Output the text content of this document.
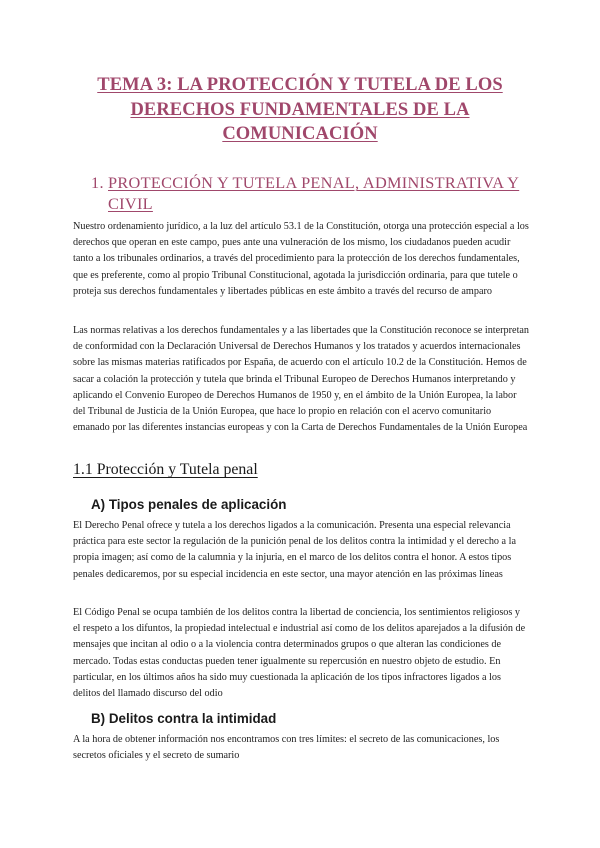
TEMA 3: LA PROTECCIÓN Y TUTELA DE LOS DERECHOS FUNDAMENTALES DE LA COMUNICACIÓN
1. PROTECCIÓN Y TUTELA PENAL, ADMINISTRATIVA Y CIVIL
Nuestro ordenamiento jurídico, a la luz del artículo 53.1 de la Constitución, otorga una protección especial a los derechos que operan en este campo, pues ante una vulneración de los mismo, los ciudadanos pueden acudir tanto a los tribunales ordinarios, a través del procedimiento para la protección de los derechos fundamentales, que es preferente, como al propio Tribunal Constitucional, agotada la jurisdicción ordinaria, para que tutele o proteja sus derechos fundamentales y libertades públicas en este ámbito a través del recurso de amparo
Las normas relativas a los derechos fundamentales y a las libertades que la Constitución reconoce se interpretan de conformidad con la Declaración Universal de Derechos Humanos y los tratados y acuerdos internacionales sobre las mismas materias ratificados por España, de acuerdo con el artículo 10.2 de la Constitución. Hemos de sacar a colación la protección y tutela que brinda el Tribunal Europeo de Derechos Humanos interpretando y aplicando el Convenio Europeo de Derechos Humanos de 1950 y, en el ámbito de la Unión Europea, la labor del Tribunal de Justicia de la Unión Europea, que hace lo propio en relación con el acervo comunitario emanado por las diferentes instancias europeas y con la Carta de Derechos Fundamentales de la Unión Europea
1.1 Protección y Tutela penal
A) Tipos penales de aplicación
El Derecho Penal ofrece y tutela a los derechos ligados a la comunicación. Presenta una especial relevancia práctica para este sector la regulación de la punición penal de los delitos contra la intimidad y el derecho a la propia imagen; así como de la calumnia y la injuria, en el marco de los delitos contra el honor. A estos tipos penales dedicaremos, por su especial incidencia en este sector, una mayor atención en las próximas líneas
El Código Penal se ocupa también de los delitos contra la libertad de conciencia, los sentimientos religiosos y el respeto a los difuntos, la propiedad intelectual e industrial así como de los delitos aparejados a la difusión de mensajes que incitan al odio o a la violencia contra determinados grupos o que alteran las condiciones de mercado. Todas estas conductas pueden tener igualmente su repercusión en nuestro objeto de estudio. En particular, en los últimos años ha sido muy cuestionada la aplicación de los tipos infractores ligados a los delitos del llamado discurso del odio
B) Delitos contra la intimidad
A la hora de obtener información nos encontramos con tres límites: el secreto de las comunicaciones, los secretos oficiales y el secreto de sumario
